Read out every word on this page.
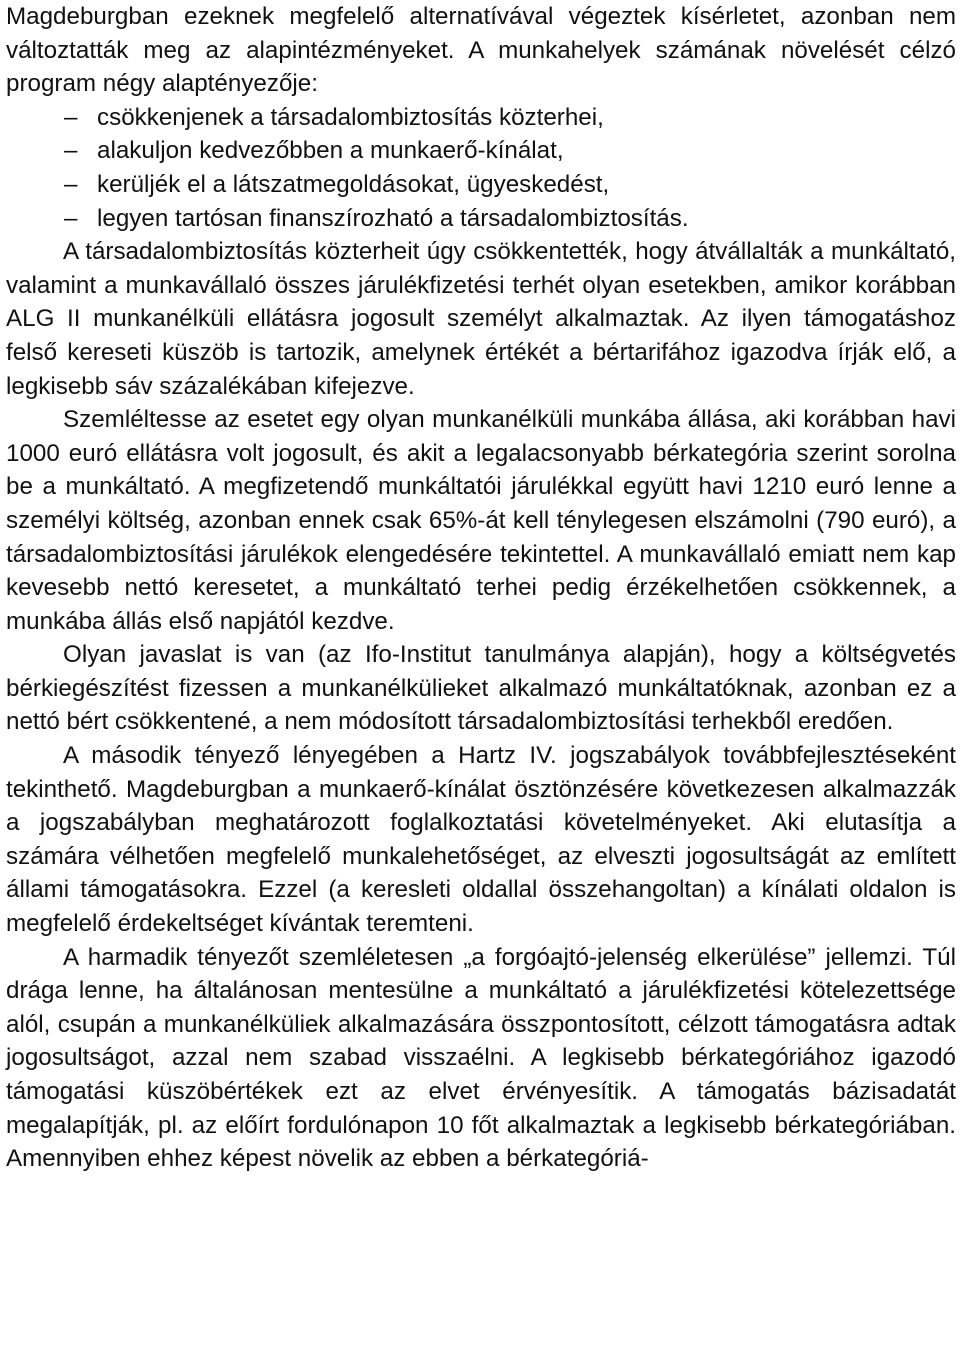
Magdeburgban ezeknek megfelelő alternatívával végeztek kísérletet, azonban nem változtatták meg az alapintézményeket. A munkahelyek számának növelését célzó program négy alaptényezője:

– csökkenjenek a társadalombiztosítás közterhei,
– alakuljon kedvezőbben a munkaerő-kínálat,
– kerüljék el a látszatmegoldásokat, ügyeskedést,
– legyen tartósan finanszírozható a társadalombiztosítás.

A társadalombiztosítás közterheit úgy csökkentették, hogy átvállalták a munkáltató, valamint a munkavállaló összes járulékfizetési terhét olyan esetekben, amikor korábban ALG II munkanélküli ellátásra jogosult személyt alkalmaztak. Az ilyen támogatáshoz felső kereseti küszöb is tartozik, amelynek értékét a bértarifához igazodva írják elő, a legkisebb sáv százalékában kifejezve.

Szemléltesse az esetet egy olyan munkanélküli munkába állása, aki korábban havi 1000 euró ellátásra volt jogosult, és akit a legalacsonyabb bérkategória szerint sorolna be a munkáltató. A megfizetendő munkáltatói járulékkal együtt havi 1210 euró lenne a személyi költség, azonban ennek csak 65%-át kell ténylegesen elszámolni (790 euró), a társadalombiztosítási járulékok elengedésére tekintettel. A munkavállaló emiatt nem kap kevesebb nettó keresetet, a munkáltató terhei pedig érzékelhetően csökkennek, a munkába állás első napjától kezdve.

Olyan javaslat is van (az Ifo-Institut tanulmánya alapján), hogy a költségvetés bérkiegészítést fizessen a munkanélkülieket alkalmazó munkáltatóknak, azonban ez a nettó bért csökkentené, a nem módosított társadalombiztosítási terhekből eredően.

A második tényező lényegében a Hartz IV. jogszabályok továbbfejlesztéseként tekinthető. Magdeburgban a munkaerő-kínálat ösztönzésére következesen alkalmazzák a jogszabályban meghatározott foglalkoztatási követelményeket. Aki elutasítja a számára vélhetően megfelelő munkalehetőséget, az elveszti jogosultságát az említett állami támogatásokra. Ezzel (a keresleti oldallal összehangoltan) a kínálati oldalon is megfelelő érdekeltséget kívántak teremteni.

A harmadik tényezőt szemléletesen „a forgóajtó-jelenség elkerülése” jellemzi. Túl drága lenne, ha általánosan mentesülne a munkáltató a járulékfizetési kötelezettsége alól, csupán a munkanélküliek alkalmazására összpontosított, célzott támogatásra adtak jogosultságot, azzal nem szabad visszaélni. A legkisebb bérkategóriához igazodó támogatási küszöbértékek ezt az elvet érvényesítik. A támogatás bázisadatát megalapítják, pl. az előírt fordulónapon 10 főt alkalmaztak a legkisebb bérkategóriában. Amennyiben ehhez képest növelik az ebben a bérkategóriá-
